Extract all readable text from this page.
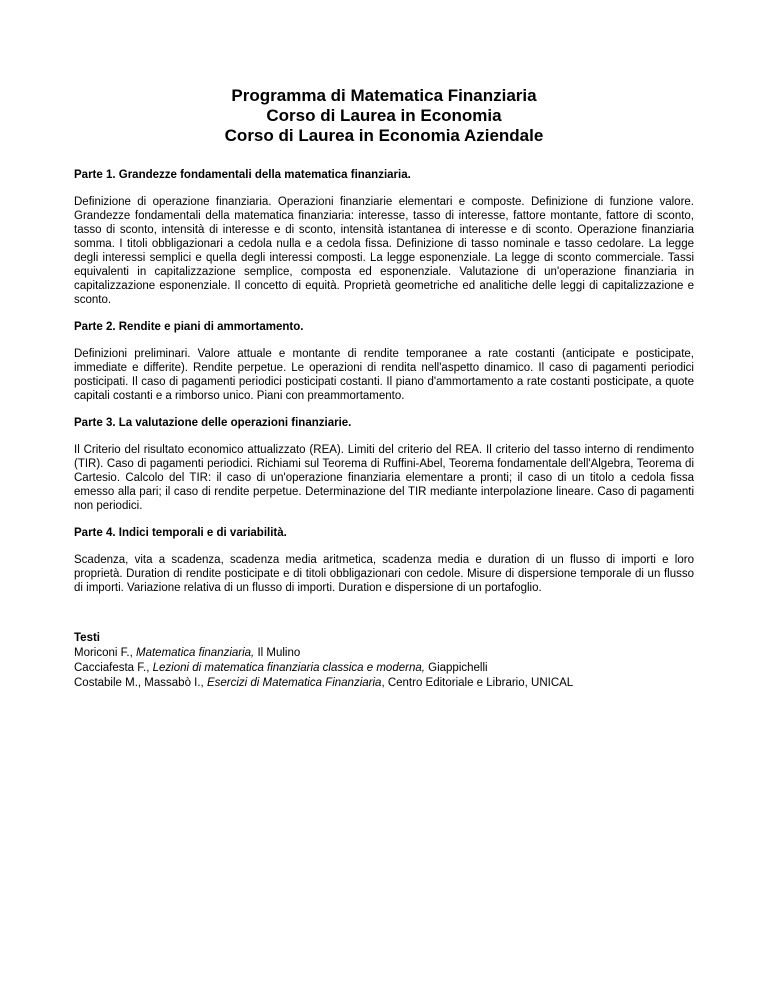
Programma di Matematica Finanziaria

Corso di Laurea in Economia

Corso di Laurea in Economia Aziendale

Parte 1. Grandezze fondamentali della matematica finanziaria.

Definizione di operazione finanziaria. Operazioni finanziarie elementari e composte. Definizione di funzione valore. Grandezze fondamentali della matematica finanziaria: interesse, tasso di interesse, fattore montante, fattore di sconto, tasso di sconto, intensità di interesse e di sconto, intensità istantanea di interesse e di sconto. Operazione finanziaria somma. I titoli obbligazionari a cedola nulla e a cedola fissa. Definizione di tasso nominale e tasso cedolare. La legge degli interessi semplici e quella degli interessi composti. La legge esponenziale. La legge di sconto commerciale. Tassi equivalenti in capitalizzazione semplice, composta ed esponenziale. Valutazione di un'operazione finanziaria in capitalizzazione esponenziale. Il concetto di equità. Proprietà geometriche ed analitiche delle leggi di capitalizzazione e sconto.

Parte 2. Rendite e piani di ammortamento.

Definizioni preliminari. Valore attuale e montante di rendite temporanee a rate costanti (anticipate e posticipate, immediate e differite). Rendite perpetue. Le operazioni di rendita nell'aspetto dinamico. Il caso di pagamenti periodici posticipati. Il caso di pagamenti periodici posticipati costanti. Il piano d'ammortamento a rate costanti posticipate, a quote capitali costanti e a rimborso unico. Piani con preammortamento.

Parte 3. La valutazione delle operazioni finanziarie.

Il Criterio del risultato economico attualizzato (REA). Limiti del criterio del REA. Il criterio del tasso interno di rendimento (TIR). Caso di pagamenti periodici. Richiami sul Teorema di Ruffini-Abel, Teorema fondamentale dell'Algebra, Teorema di Cartesio. Calcolo del TIR: il caso di un'operazione finanziaria elementare a pronti; il caso di un titolo a cedola fissa emesso alla pari; il caso di rendite perpetue. Determinazione del TIR mediante interpolazione lineare. Caso di pagamenti non periodici.

Parte 4. Indici temporali e di variabilità.

Scadenza, vita a scadenza, scadenza media aritmetica, scadenza media e duration di un flusso di importi e loro proprietà. Duration di rendite posticipate e di titoli obbligazionari con cedole. Misure di dispersione temporale di un flusso di importi. Variazione relativa di un flusso di importi. Duration e dispersione di un portafoglio.

Testi

Moriconi F., Matematica finanziaria, Il Mulino

Cacciafesta F., Lezioni di matematica finanziaria classica e moderna, Giappichelli

Costabile M., Massabò I., Esercizi di Matematica Finanziaria, Centro Editoriale e Librario, UNICAL
